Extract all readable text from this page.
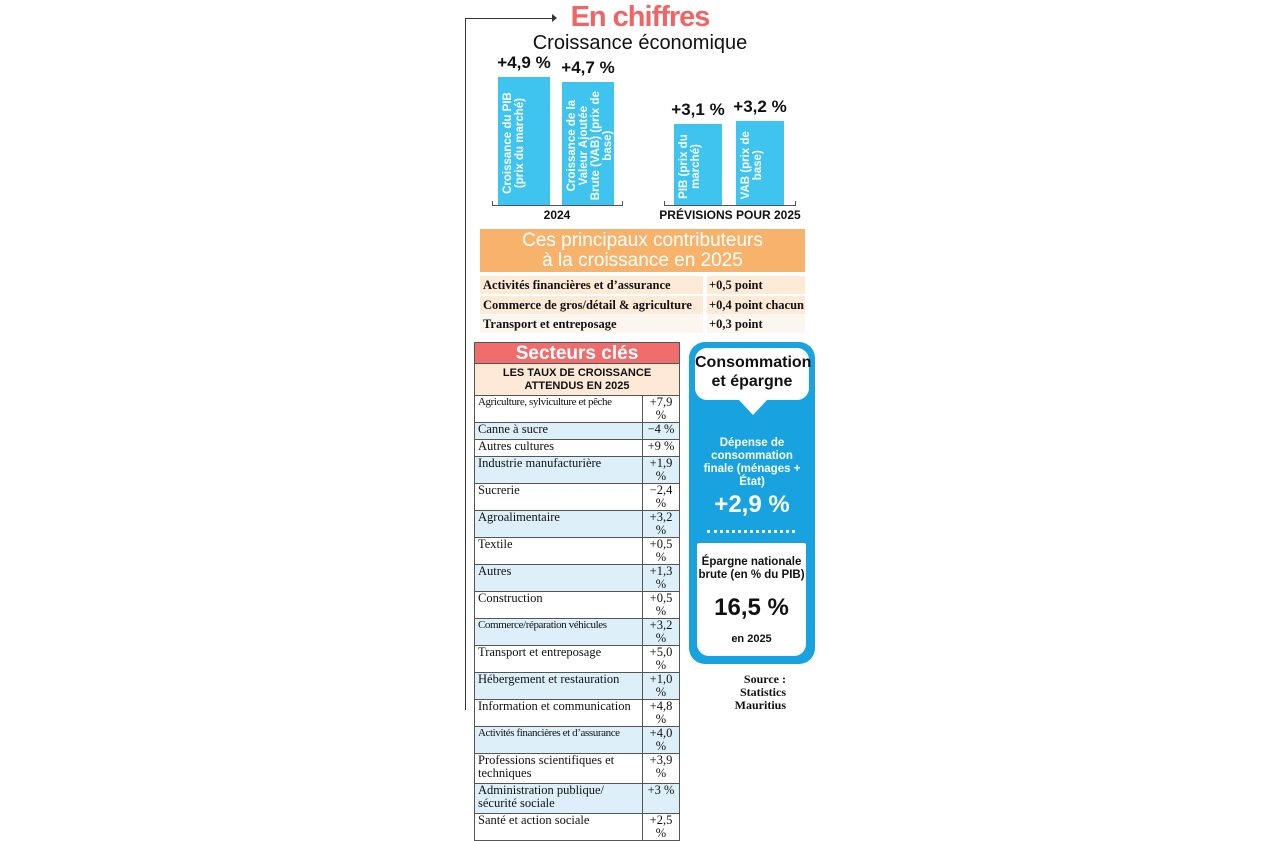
En chiffres
Croissance économique
2024
+4,9 %
Croissance du PIB (prix du marché)
+4,7 %
Croissance de la Valeur Ajoutée Brute (VAB) (prix de base)
PRÉVISIONS POUR 2025
+3,1 %
PIB (prix du marché)
+3,2 %
VAB (prix de base)
Ces principaux contributeurs
à la croissance en 2025
Activités financières et d’assurance	+0,5 point
Commerce de gros/détail & agriculture	+0,4 point chacun
Transport et entreposage	+0,3 point
Secteurs clés
LES TAUX DE CROISSANCE
ATTENDUS EN 2025
Agriculture, sylviculture et pêche	+7,9 %
Canne à sucre	−4 %
Autres cultures	+9 %
Industrie manufacturière	+1,9 %
Sucrerie	−2,4 %
Agroalimentaire	+3,2 %
Textile	+0,5 %
Autres	+1,3 %
Construction	+0,5 %
Commerce/réparation véhicules	+3,2 %
Transport et entreposage	+5,0 %
Hébergement et restauration	+1,0 %
Information et communication	+4,8 %
Activités financières et d’assurance	+4,0 %
Professions scientifiques et techniques	+3,9 %
Administration publique/ sécurité sociale	+3 %
Santé et action sociale	+2,5 %
Consommation
et épargne
Dépense de consommation finale (ménages + État)
+2,9 %
Épargne nationale brute (en % du PIB)
16,5 %
en 2025
Source : Statistics Mauritius
